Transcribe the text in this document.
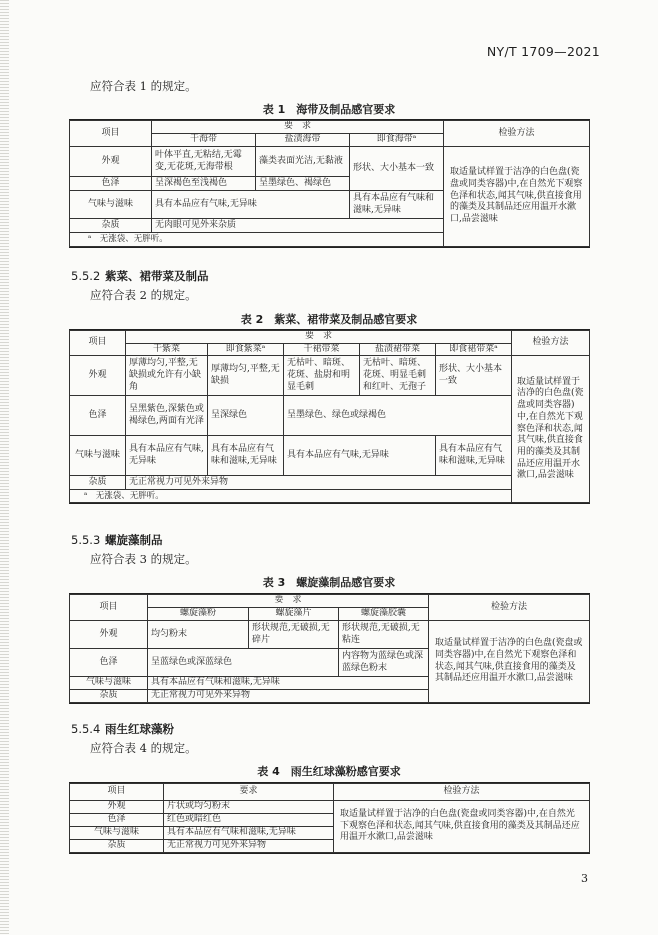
NY/T 1709—2021
应符合表 1 的规定。
表 1　海带及制品感官要求
项目	要　求			检验方法
	干海带	盐渍海带	即食海带ᵃ	
外观	叶体平直,无粘结,无霉变,无花斑,无海带根	藻类表面光洁,无黏液	形状、大小基本一致	取适量试样置于洁净的白色盘(瓷盘或同类容器)中,在自然光下观察色泽和状态,闻其气味,供直接食用的藻类及其制品还应用温开水漱口,品尝滋味
色泽	呈深褐色至浅褐色	呈墨绿色、褐绿色		
气味与滋味	具有本品应有气味,无异味		具有本品应有气味和滋味,无异味	
杂质	无肉眼可见外来杂质			
ᵃ　无涨袋、无胖听。				
5.5.2 紫菜、裙带菜及制品
应符合表 2 的规定。
表 2　紫菜、裙带菜及制品感官要求
项目	要　求					检验方法
	干紫菜	即食紫菜ᵃ	干裙带菜	盐渍裙带菜	即食裙带菜ᵃ	
外观	厚薄均匀,平整,无缺损或允许有小缺角	厚薄均匀,平整,无缺损	无枯叶、暗斑、花斑、盐尉和明显毛刺	无枯叶、暗斑、花斑、明显毛刺和红叶、无孢子	形状、大小基本一致	取适量试样置于洁净的白色盘(瓷盘或同类容器)中,在自然光下观察色泽和状态,闻其气味,供直接食用的藻类及其制品还应用温开水漱口,品尝滋味
色泽	呈黑紫色,深紫色或褐绿色,两面有光泽	呈深绿色	呈墨绿色、绿色或绿褐色			
气味与滋味	具有本品应有气味,无异味	具有本品应有气味和滋味,无异味	具有本品应有气味,无异味		具有本品应有气味和滋味,无异味	
杂质	无正常视力可见外来异物					
ᵃ　无涨袋、无胖听。						
5.5.3 螺旋藻制品
应符合表 3 的规定。
表 3　螺旋藻制品感官要求
项目	要　求			检验方法
	螺旋藻粉	螺旋藻片	螺旋藻胶囊	
外观	均匀粉末	形状规范,无破损,无碎片	形状规范,无破损,无粘连	取适量试样置于洁净的白色盘(瓷盘或同类容器)中,在自然光下观察色泽和状态,闻其气味,供直接食用的藻类及其制品还应用温开水漱口,品尝滋味
色泽	呈蓝绿色或深蓝绿色		内容物为蓝绿色或深蓝绿色粉末	
气味与滋味	具有本品应有气味和滋味,无异味			
杂质	无正常视力可见外来异物			
5.5.4 雨生红球藻粉
应符合表 4 的规定。
表 4　雨生红球藻粉感官要求
项目	要求	检验方法
外观	片状或均匀粉末	取适量试样置于洁净的白色盘(瓷盘或同类容器)中,在自然光下观察色泽和状态,闻其气味,供直接食用的藻类及其制品还应用温开水漱口,品尝滋味
色泽	红色或暗红色	
气味与滋味	具有本品应有气味和滋味,无异味	
杂质	无正常视力可见外来异物	
3
